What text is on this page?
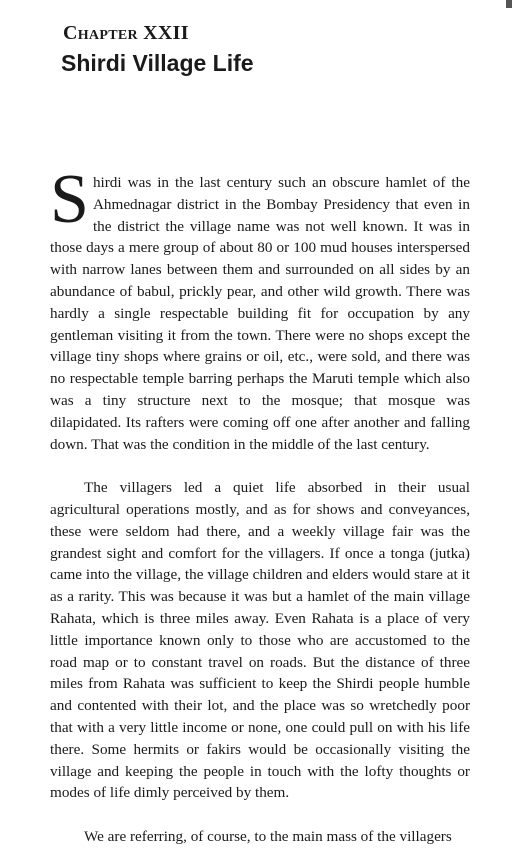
Chapter XXII
Shirdi Village Life

Shirdi was in the last century such an obscure hamlet of the Ahmednagar district in the Bombay Presidency that even in the district the village name was not well known. It was in those days a mere group of about 80 or 100 mud houses interspersed with narrow lanes between them and surrounded on all sides by an abundance of babul, prickly pear, and other wild growth. There was hardly a single respectable building fit for occupation by any gentleman visiting it from the town. There were no shops except the village tiny shops where grains or oil, etc., were sold, and there was no respectable temple barring perhaps the Maruti temple which also was a tiny structure next to the mosque; that mosque was dilapidated. Its rafters were coming off one after another and falling down. That was the condition in the middle of the last century.

The villagers led a quiet life absorbed in their usual agricultural operations mostly, and as for shows and conveyances, these were seldom had there, and a weekly village fair was the grandest sight and comfort for the villagers. If once a tonga (jutka) came into the village, the village children and elders would stare at it as a rarity. This was because it was but a hamlet of the main village Rahata, which is three miles away. Even Rahata is a place of very little importance known only to those who are accustomed to the road map or to constant travel on roads. But the distance of three miles from Rahata was sufficient to keep the Shirdi people humble and contented with their lot, and the place was so wretchedly poor that with a very little income or none, one could pull on with his life there. Some hermits or fakirs would be occasionally visiting the village and keeping the people in touch with the lofty thoughts or modes of life dimly perceived by them.

We are referring, of course, to the main mass of the villagers
